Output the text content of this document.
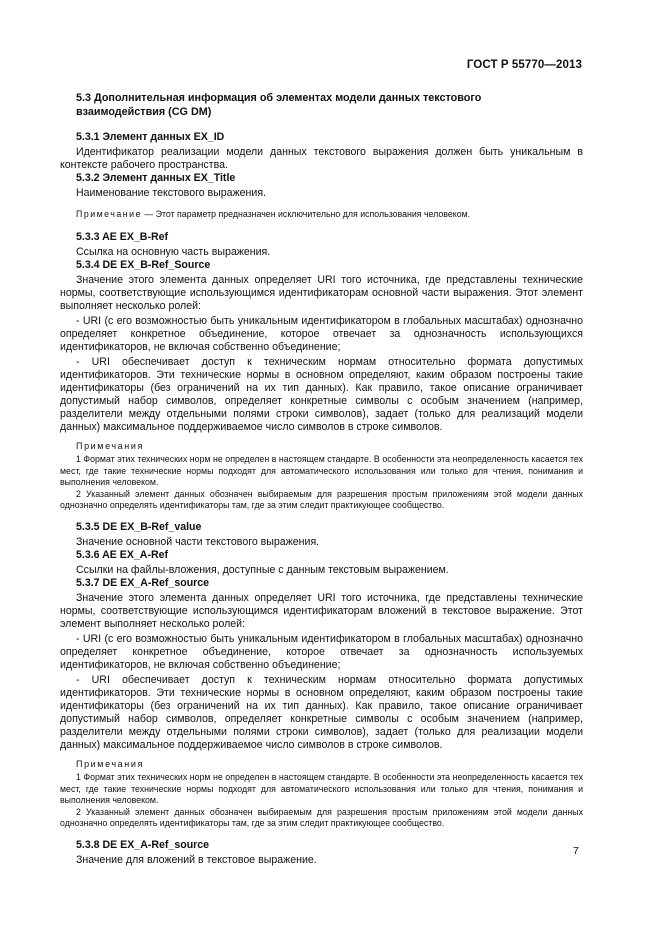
ГОСТ Р 55770—2013
5.3 Дополнительная информация об элементах модели данных текстового
взаимодействия (CG DM)
5.3.1 Элемент данных EX_ID
Идентификатор реализации модели данных текстового выражения должен быть уникальным в контексте рабочего пространства.
5.3.2 Элемент данных EX_Title
Наименование текстового выражения.
Примечание — Этот параметр предназначен исключительно для использования человеком.
5.3.3 AE EX_B-Ref
Ссылка на основную часть выражения.
5.3.4 DE EX_B-Ref_Source
Значение этого элемента данных определяет URI того источника, где представлены технические нормы, соответствующие использующимся идентификаторам основной части выражения. Этот элемент выполняет несколько ролей:
- URI (с его возможностью быть уникальным идентификатором в глобальных масштабах) однозначно определяет конкретное объединение, которое отвечает за однозначность использующихся идентификаторов, не включая собственно объединение;
- URI обеспечивает доступ к техническим нормам относительно формата допустимых идентификаторов. Эти технические нормы в основном определяют, каким образом построены такие идентификаторы (без ограничений на их тип данных). Как правило, такое описание ограничивает допустимый набор символов, определяет конкретные символы с особым значением (например, разделители между отдельными полями строки символов), задает (только для реализаций модели данных) максимальное поддерживаемое число символов в строке символов.
Примечания
1 Формат этих технических норм не определен в настоящем стандарте. В особенности эта неопределенность касается тех мест, где такие технические нормы подходят для автоматического использования или только для чтения, понимания и выполнения человеком.
2 Указанный элемент данных обозначен выбираемым для разрешения простым приложениям этой модели данных однозначно определять идентификаторы там, где за этим следит практикующее сообщество.
5.3.5 DE EX_B-Ref_value
Значение основной части текстового выражения.
5.3.6 AE EX_A-Ref
Ссылки на файлы-вложения, доступные с данным текстовым выражением.
5.3.7 DE EX_A-Ref_source
Значение этого элемента данных определяет URI того источника, где представлены технические нормы, соответствующие использующимся идентификаторам вложений в текстовое выражение. Этот элемент выполняет несколько ролей:
- URI (с его возможностью быть уникальным идентификатором в глобальных масштабах) однозначно определяет конкретное объединение, которое отвечает за однозначность используемых идентификаторов, не включая собственно объединение;
- URI обеспечивает доступ к техническим нормам относительно формата допустимых идентификаторов. Эти технические нормы в основном определяют, каким образом построены такие идентификаторы (без ограничений на их тип данных). Как правило, такое описание ограничивает допустимый набор символов, определяет конкретные символы с особым значением (например, разделители между отдельными полями строки символов), задает (только для реализации модели данных) максимальное поддерживаемое число символов в строке символов.
Примечания
1 Формат этих технических норм не определен в настоящем стандарте. В особенности эта неопределенность касается тех мест, где такие технические нормы подходят для автоматического использования или только для чтения, понимания и выполнения человеком.
2 Указанный элемент данных обозначен выбираемым для разрешения простым приложениям этой модели данных однозначно определять идентификаторы там, где за этим следит практикующее сообщество.
5.3.8 DE EX_A-Ref_source
Значение для вложений в текстовое выражение.
7
